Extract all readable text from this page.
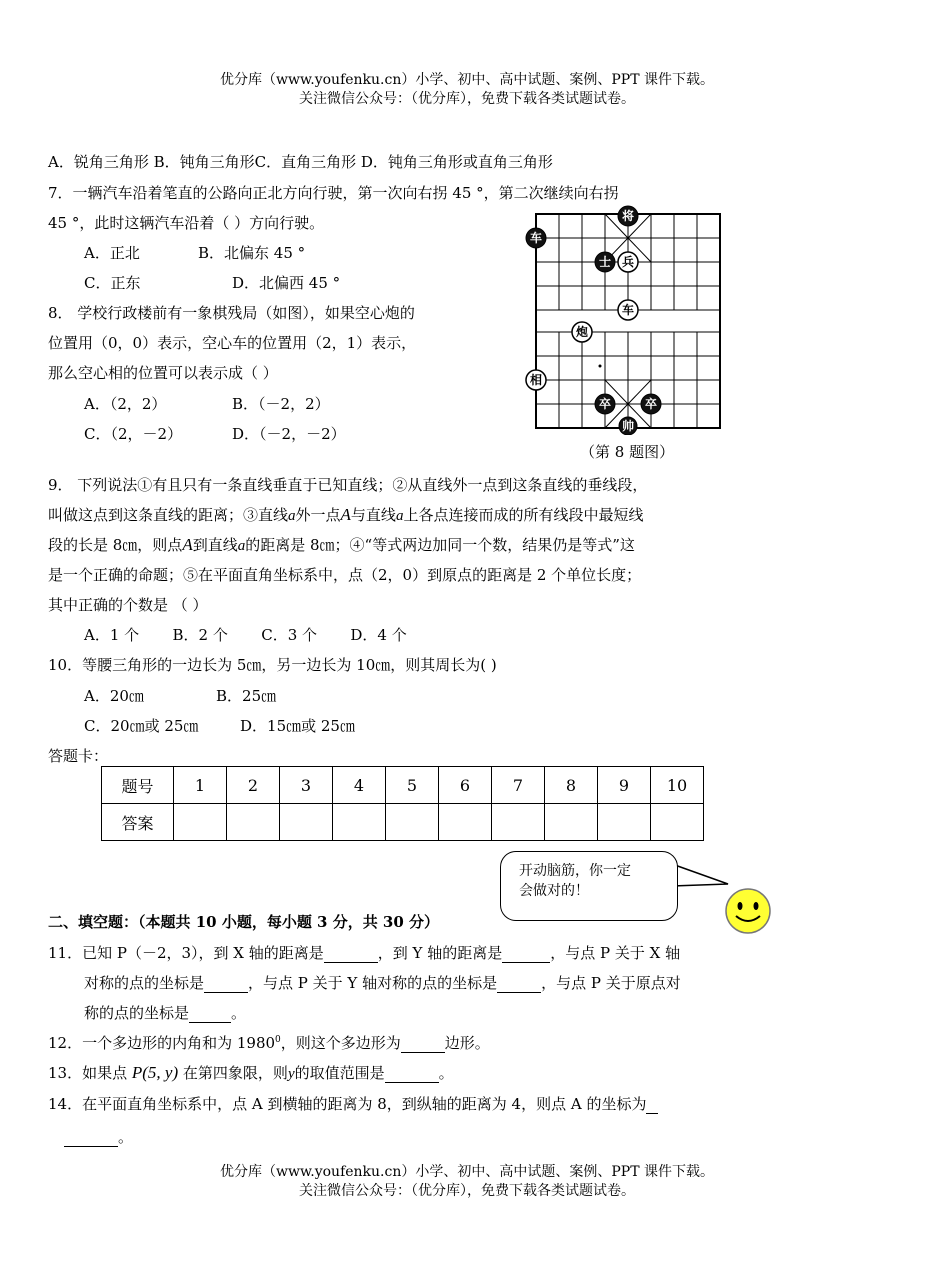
优分库（www.youfenku.cn）小学、初中、高中试题、案例、PPT 课件下载。
关注微信公众号：（优分库），免费下载各类试题试卷。
A．锐角三角形 B．钝角三角形C．直角三角形 D．钝角三角形或直角三角形
7．一辆汽车沿着笔直的公路向正北方向行驶，第一次向右拐 45 °，第二次继续向右拐
45 °，此时这辆汽车沿着（ ）方向行驶。
A．正北	B．北偏东 45 °
C．正东	D．北偏西 45 °
8． 学校行政楼前有一象棋残局（如图），如果空心炮的
位置用（0，0）表示，空心车的位置用（2，1）表示，
那么空心相的位置可以表示成（ ）
A．（2，2）	B．（－2，2）
C．（2，－2）	D．（－2，－2）
将
车
士 兵
车
炮
相
卒	卒
帅
（第 8 题图）
9． 下列说法①有且只有一条直线垂直于已知直线；②从直线外一点到这条直线的垂线段，
叫做这点到这条直线的距离；③直线a外一点A与直线a上各点连接而成的所有线段中最短线
段的长是 8㎝，则点A到直线a的距离是 8㎝；④“等式两边加同一个数，结果仍是等式”这
是一个正确的命题；⑤在平面直角坐标系中，点（2，0）到原点的距离是 2 个单位长度；
其中正确的个数是 （ ）
A．1 个       B．2 个       C．3 个       D．4 个
10．等腰三角形的一边长为 5㎝，另一边长为 10㎝，则其周长为( )
A．20㎝	B．25㎝
C．20㎝或 25㎝	D．15㎝或 25㎝
答题卡：
题号	1	2	3	4	5	6	7	8	9	10
答案										
开动脑筋，你一定
会做对的！
二、填空题：（本题共 10 小题，每小题 3 分，共 30 分）
11．已知 P（－2，3），到 X 轴的距离是	，到 Y 轴的距离是	，与点 P 关于 X 轴
对称的点的坐标是	，与点 P 关于 Y 轴对称的点的坐标是	，与点 P 关于原点对
称的点的坐标是	。
12．一个多边形的内角和为 1980$^0$，则这个多边形为	边形。
13．如果点 P(5, y) 在第四象限，则y的取值范围是	。
14．在平面直角坐标系中，点 A 到横轴的距离为 8，到纵轴的距离为 4，则点 A 的坐标为
。
优分库（www.youfenku.cn）小学、初中、高中试题、案例、PPT 课件下载。
关注微信公众号：（优分库），免费下载各类试题试卷。
